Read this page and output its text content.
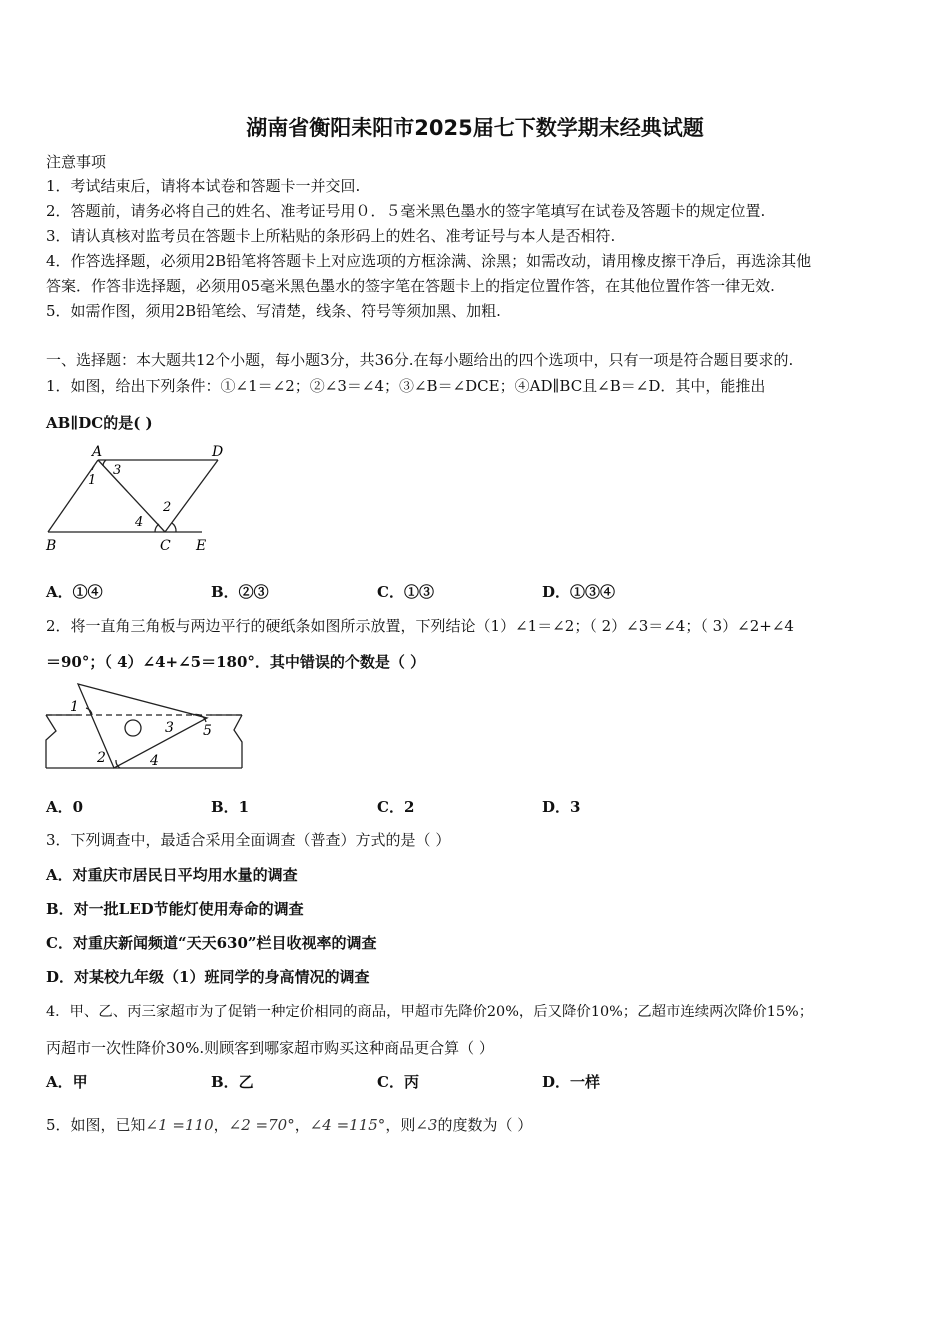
湖南省衡阳耒阳市2025届七下数学期末经典试题
注意事项
1．考试结束后，请将本试卷和答题卡一并交回.
2．答题前，请务必将自己的姓名、准考证号用０．５毫米黑色墨水的签字笔填写在试卷及答题卡的规定位置.
3．请认真核对监考员在答题卡上所粘贴的条形码上的姓名、准考证号与本人是否相符.
4．作答选择题，必须用2B铅笔将答题卡上对应选项的方框涂满、涂黑；如需改动，请用橡皮擦干净后，再选涂其他
答案．作答非选择题，必须用05毫米黑色墨水的签字笔在答题卡上的指定位置作答，在其他位置作答一律无效.
5．如需作图，须用2B铅笔绘、写清楚，线条、符号等须加黑、加粗.
一、选择题：本大题共12个小题，每小题3分，共36分.在每小题给出的四个选项中，只有一项是符合题目要求的.
1．如图，给出下列条件：①∠1＝∠2；②∠3＝∠4；③∠B＝∠DCE；④AD∥BC且∠B＝∠D．其中，能推出
AB∥DC的是( )
A	D
B	C E
1
2
3
4
A．①④	B．②③	C．①③	D．①③④
2．将一直角三角板与两边平行的硬纸条如图所示放置，下列结论（1）∠1＝∠2；（ 2）∠3＝∠4；（ 3）∠2+∠4
＝90°；（ 4）∠4+∠5＝180°．其中错误的个数是（ ）
1
2
3
4
5
A．0	B．1	C．2	D．3
3．下列调查中，最适合采用全面调查（普查）方式的是（ ）
A．对重庆市居民日平均用水量的调查
B．对一批LED节能灯使用寿命的调查
C．对重庆新闻频道“天天630”栏目收视率的调查
D．对某校九年级（1）班同学的身高情况的调查
4．甲、乙、丙三家超市为了促销一种定价相同的商品，甲超市先降价20%，后又降价10%；乙超市连续两次降价15%；
丙超市一次性降价30%.则顾客到哪家超市购买这种商品更合算（ ）
A．甲	B．乙	C．丙	D．一样
5．如图，已知∠1 =110，∠2 =70°，∠4 =115°，则∠3的度数为（ ）
